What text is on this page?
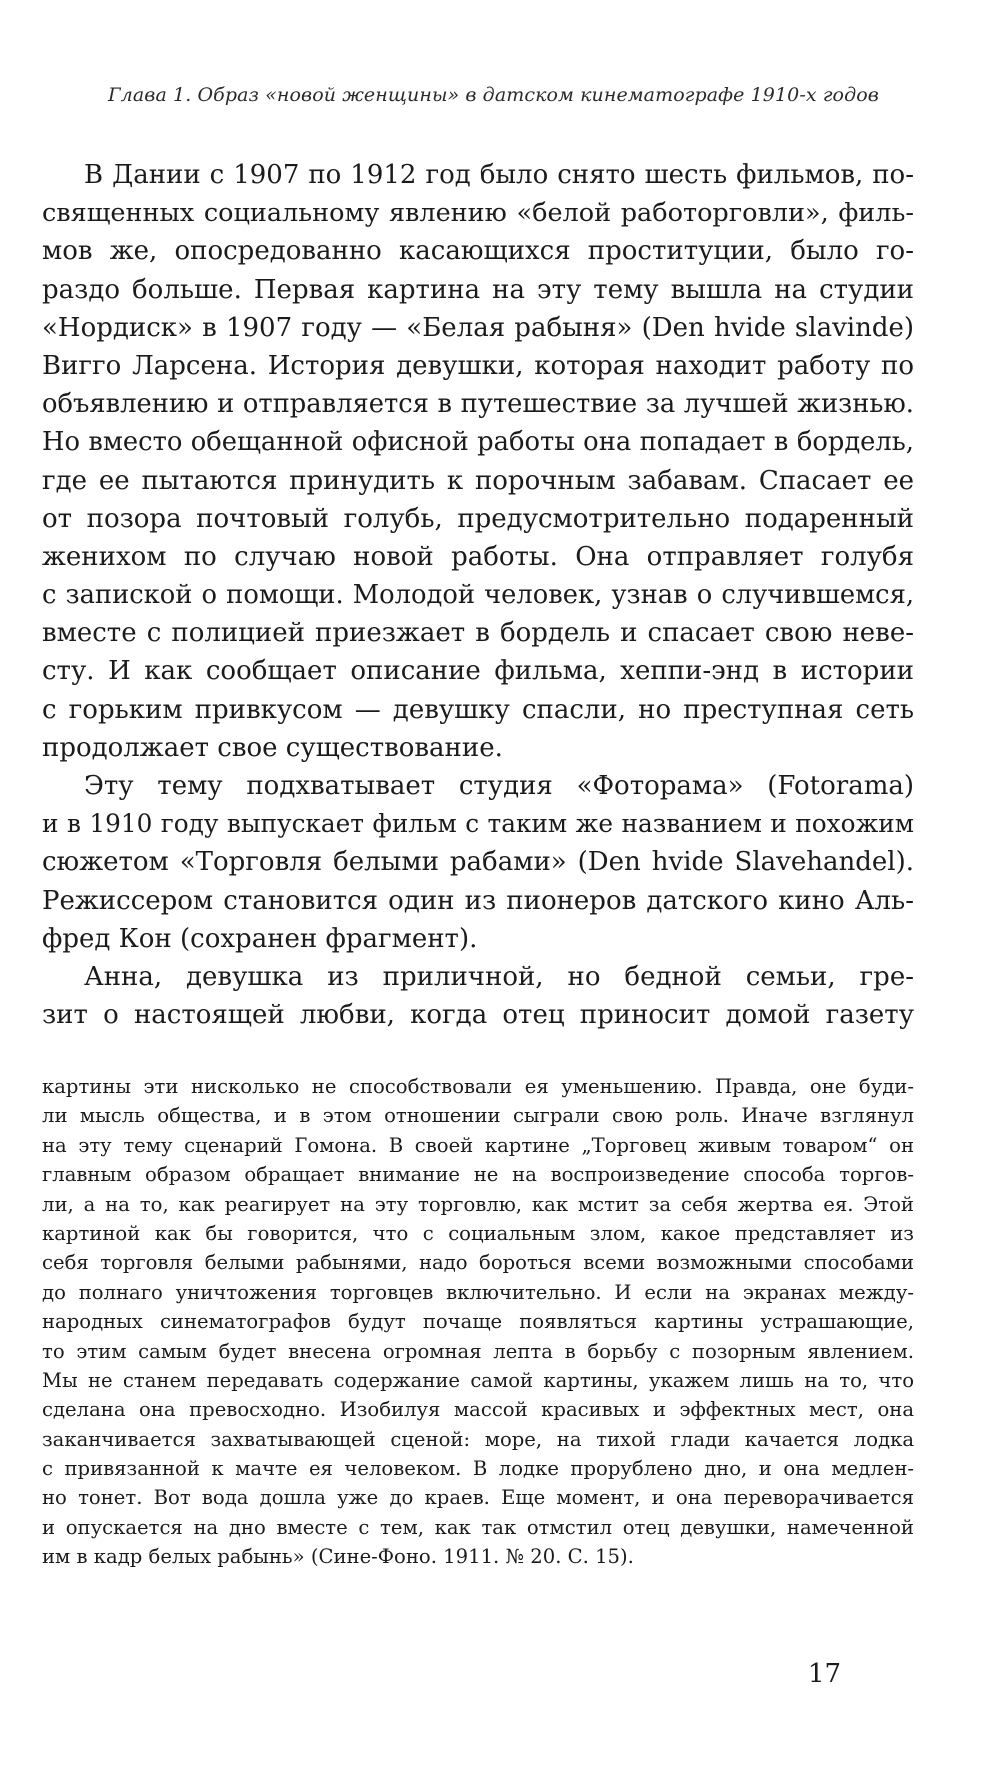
Глава 1. Образ «новой женщины» в датском кинематографе 1910-х годов
В Дании с 1907 по 1912 год было снято шесть фильмов, по-
священных социальному явлению «белой работорговли», филь-
мов же, опосредованно касающихся проституции, было го-
раздо больше. Первая картина на эту тему вышла на студии
«Нордиск» в 1907 году — «Белая рабыня» (Den hvide slavinde)
Вигго Ларсена. История девушки, которая находит работу по
объявлению и отправляется в путешествие за лучшей жизнью.
Но вместо обещанной офисной работы она попадает в бордель,
где ее пытаются принудить к порочным забавам. Спасает ее
от позора почтовый голубь, предусмотрительно подаренный
женихом по случаю новой работы. Она отправляет голубя
с запиской о помощи. Молодой человек, узнав о случившемся,
вместе с полицией приезжает в бордель и спасает свою неве-
сту. И как сообщает описание фильма, хеппи-энд в истории
с горьким привкусом — девушку спасли, но преступная сеть
продолжает свое существование.
Эту тему подхватывает студия «Фоторама» (Fotorama)
и в 1910 году выпускает фильм с таким же названием и похожим
сюжетом «Торговля белыми рабами» (Den hvide Slavehandel).
Режиссером становится один из пионеров датского кино Аль-
фред Кон (сохранен фрагмент).
Анна, девушка из приличной, но бедной семьи, гре-
зит о настоящей любви, когда отец приносит домой газету
картины эти нисколько не способствовали ея уменьшению. Правда, оне буди-
ли мысль общества, и в этом отношении сыграли свою роль. Иначе взглянул
на эту тему сценарий Гомона. В своей картине „Торговец живым товаром“ он
главным образом обращает внимание не на воспроизведение способа торгов-
ли, а на то, как реагирует на эту торговлю, как мстит за себя жертва ея. Этой
картиной как бы говорится, что с социальным злом, какое представляет из
себя торговля белыми рабынями, надо бороться всеми возможными способами
до полнаго уничтожения торговцев включительно. И если на экранах между-
народных синематографов будут почаще появляться картины устрашающие,
то этим самым будет внесена огромная лепта в борьбу с позорным явлением.
Мы не станем передавать содержание самой картины, укажем лишь на то, что
сделана она превосходно. Изобилуя массой красивых и эффектных мест, она
заканчивается захватывающей сценой: море, на тихой глади качается лодка
с привязанной к мачте ея человеком. В лодке прорублено дно, и она медлен-
но тонет. Вот вода дошла уже до краев. Еще момент, и она переворачивается
и опускается на дно вместе с тем, как так отмстил отец девушки, намеченной
им в кадр белых рабынь» (Сине-Фоно. 1911. № 20. С. 15).
17
